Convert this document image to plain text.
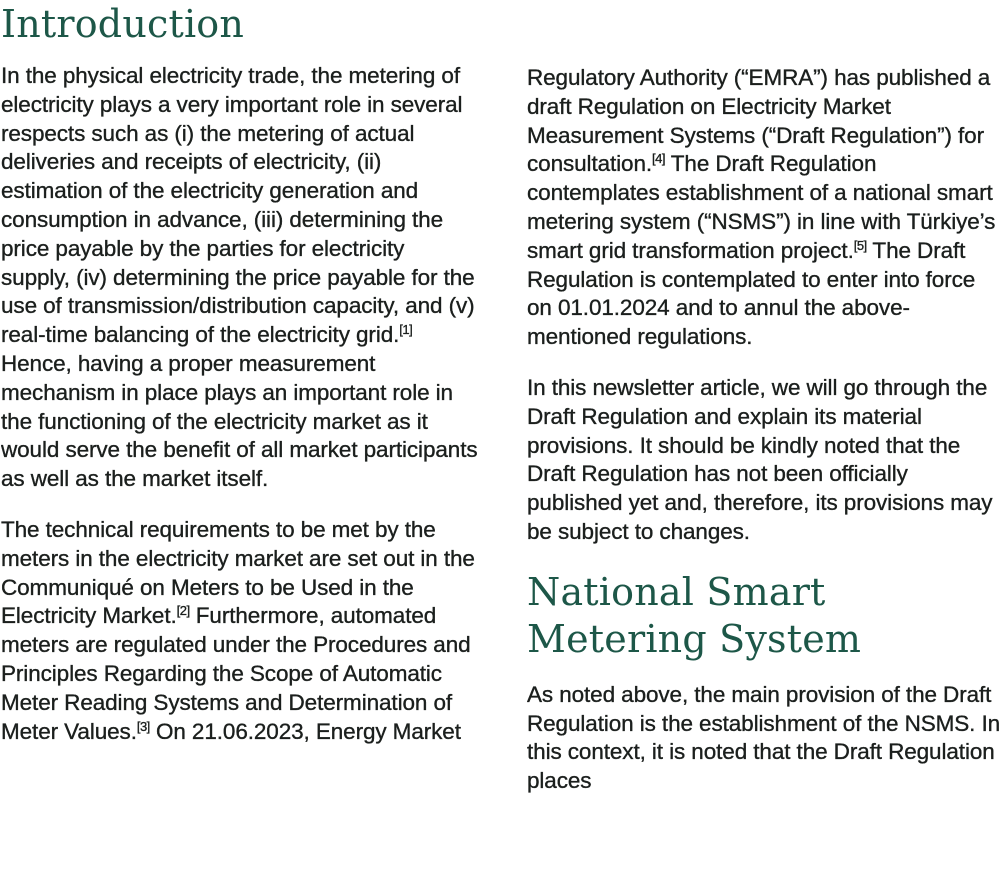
Introduction

In the physical electricity trade, the metering of electricity plays a very important role in several respects such as (i) the metering of actual deliveries and receipts of electricity, (ii) estimation of the electricity generation and consumption in advance, (iii) determining the price payable by the parties for electricity supply, (iv) determining the price payable for the use of transmission/distribution capacity, and (v) real-time balancing of the electricity grid.[1] Hence, having a proper measurement mechanism in place plays an important role in the functioning of the electricity market as it would serve the benefit of all market participants as well as the market itself.

The technical requirements to be met by the meters in the electricity market are set out in the Communiqué on Meters to be Used in the Electricity Market.[2] Furthermore, automated meters are regulated under the Procedures and Principles Regarding the Scope of Automatic Meter Reading Systems and Determination of Meter Values.[3] On 21.06.2023, Energy Market

Regulatory Authority (“EMRA”) has published a draft Regulation on Electricity Market Measurement Systems (“Draft Regulation”) for consultation.[4] The Draft Regulation contemplates establishment of a national smart metering system (“NSMS”) in line with Türkiye’s smart grid transformation project.[5] The Draft Regulation is contemplated to enter into force on 01.01.2024 and to annul the above-mentioned regulations.

In this newsletter article, we will go through the Draft Regulation and explain its material provisions. It should be kindly noted that the Draft Regulation has not been officially published yet and, therefore, its provisions may be subject to changes.

National Smart Metering System

As noted above, the main provision of the Draft Regulation is the establishment of the NSMS. In this context, it is noted that the Draft Regulation places
